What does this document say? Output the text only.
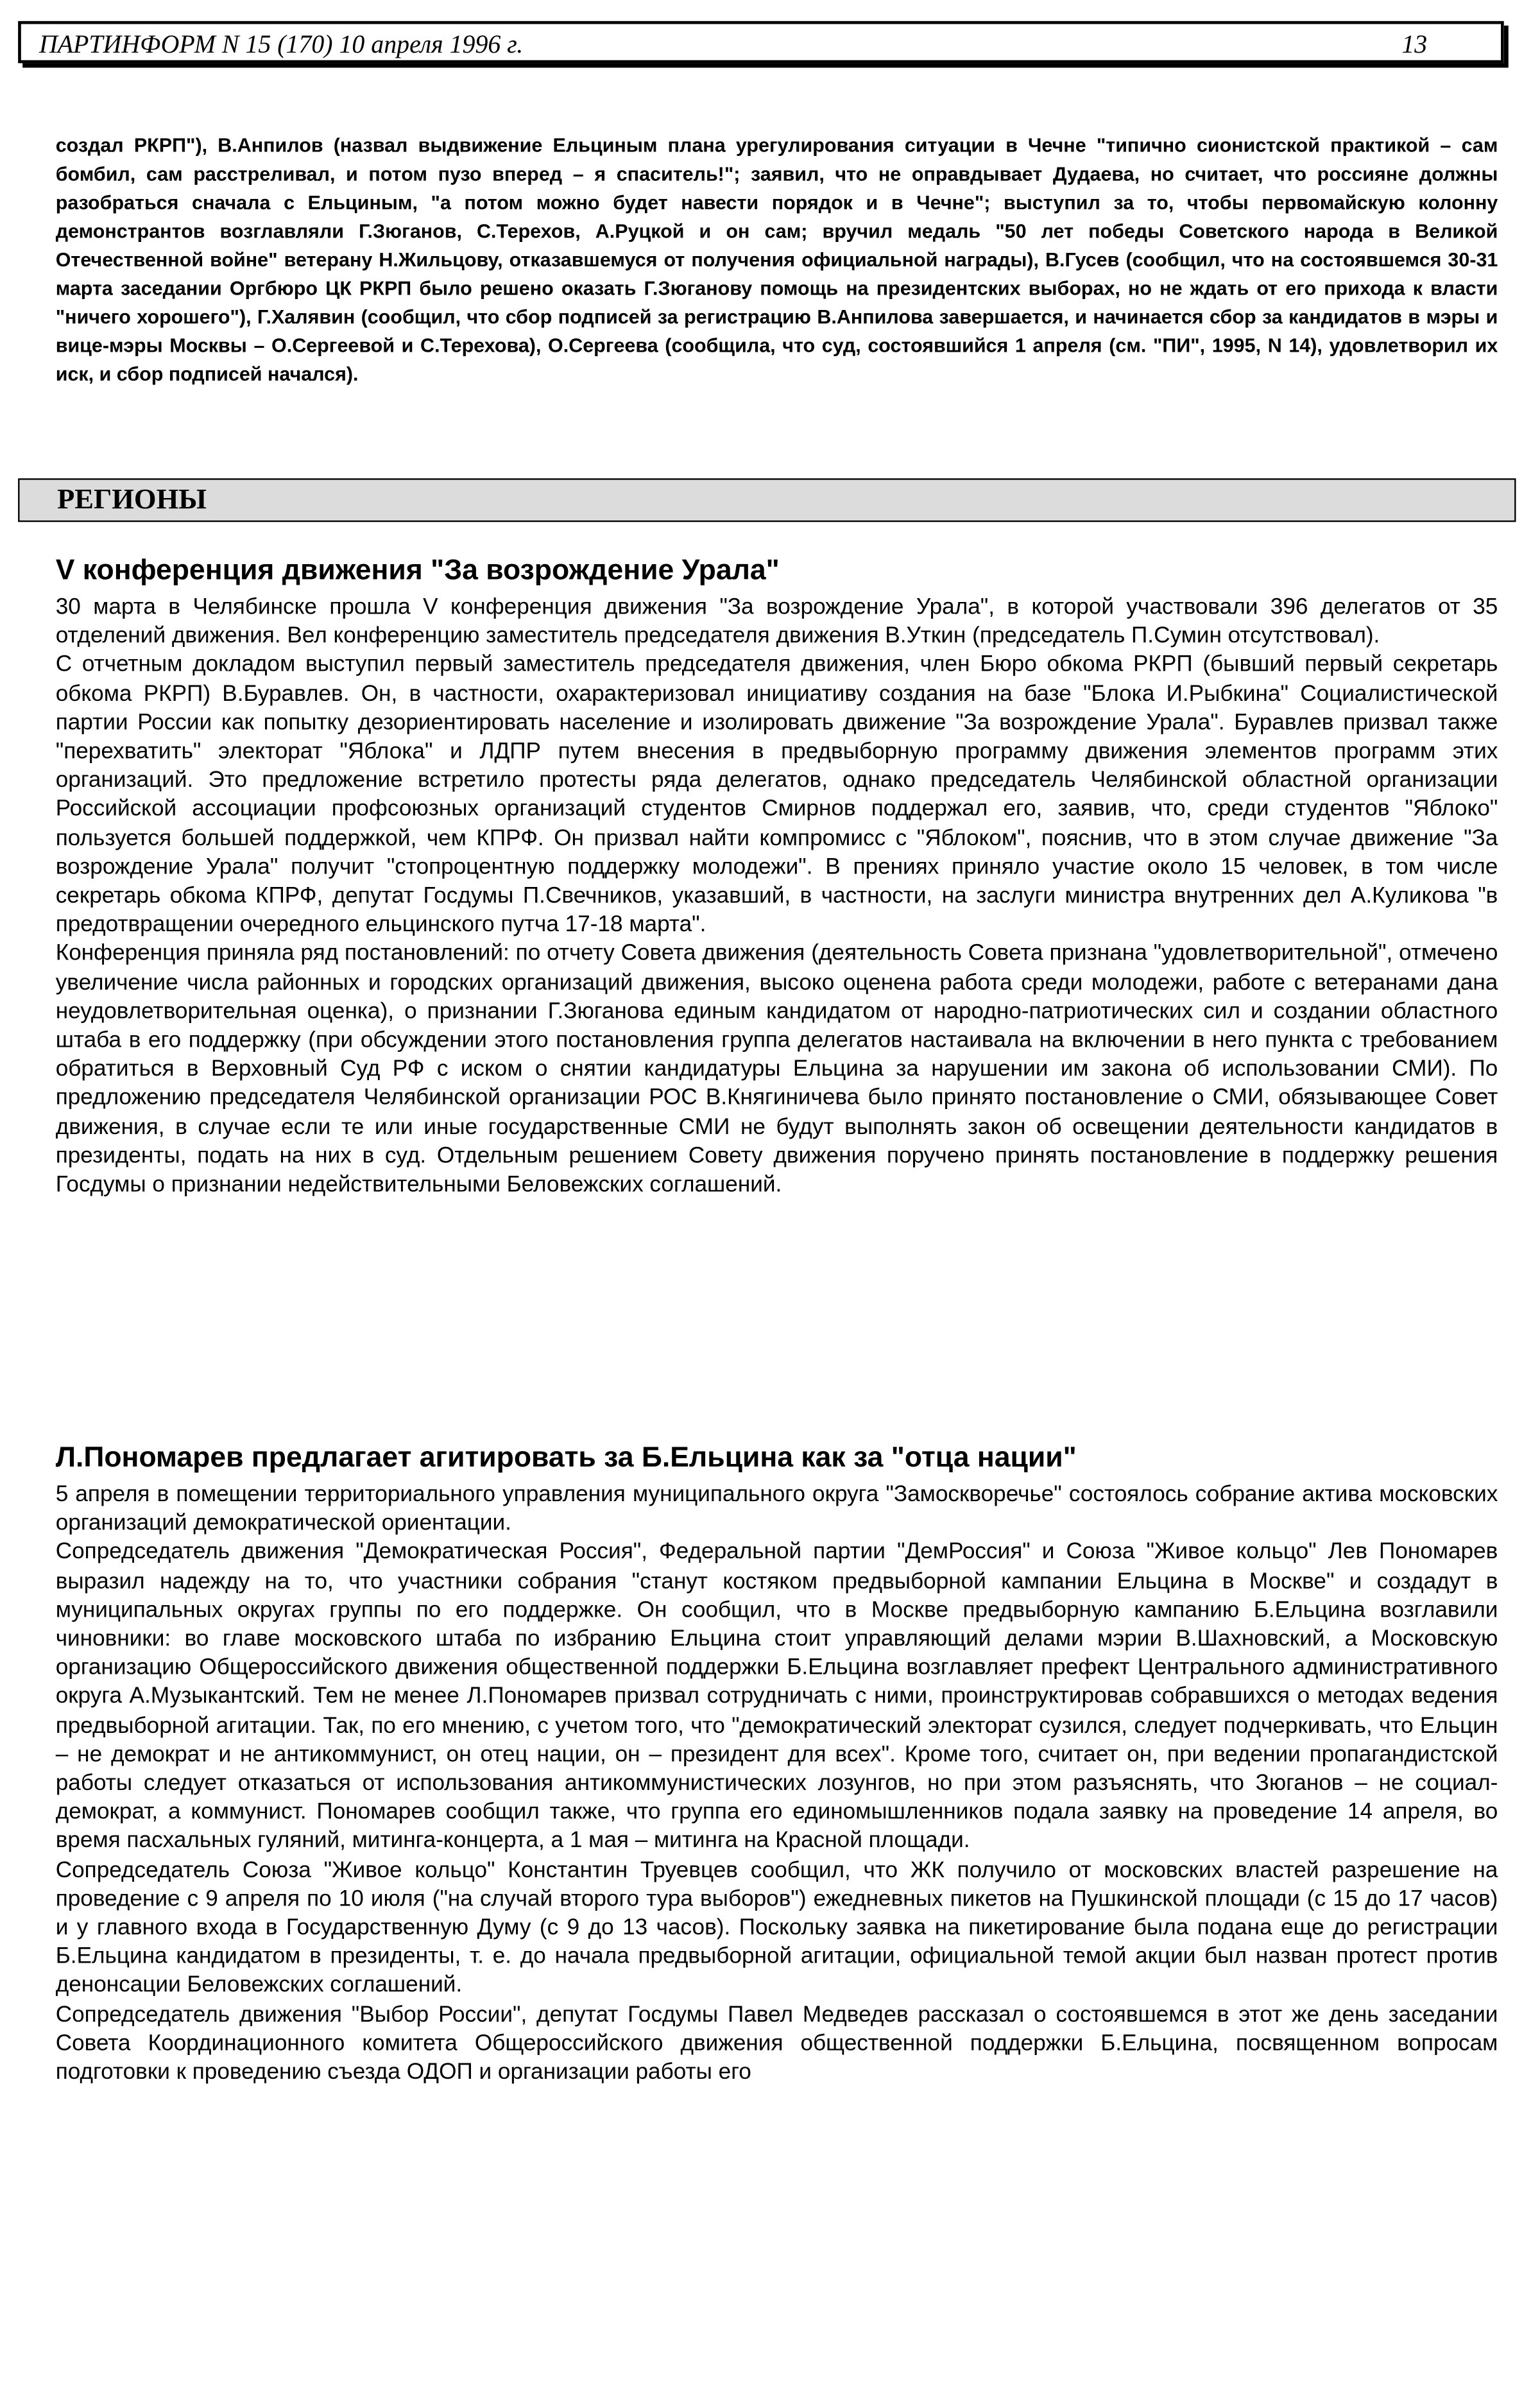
ПАРТИНФОРМ N 15 (170) 10 апреля 1996 г.	13

создал РКРП"), В.Анпилов (назвал выдвижение Ельциным плана урегулирования ситуации в Чечне "типично сионистской практикой – сам бомбил, сам расстреливал, и потом пузо вперед – я спаситель!"; заявил, что не оправдывает Дудаева, но считает, что россияне должны разобраться сначала с Ельциным, "а потом можно будет навести порядок и в Чечне"; выступил за то, чтобы первомайскую колонну демонстрантов возглавляли Г.Зюганов, С.Терехов, А.Руцкой и он сам; вручил медаль "50 лет победы Советского народа в Великой Отечественной войне" ветерану Н.Жильцову, отказавшемуся от получения официальной награды), В.Гусев (сообщил, что на состоявшемся 30-31 марта заседании Оргбюро ЦК РКРП было решено оказать Г.Зюганову помощь на президентских выборах, но не ждать от его прихода к власти "ничего хорошего"), Г.Халявин (сообщил, что сбор подписей за регистрацию В.Анпилова завершается, и начинается сбор за кандидатов в мэры и вице-мэры Москвы – О.Сергеевой и С.Терехова), О.Сергеева (сообщила, что суд, состоявшийся 1 апреля (см. "ПИ", 1995, N 14), удовлетворил их иск, и сбор подписей начался).

РЕГИОНЫ
V конференция движения "За возрождение Урала"

30 марта в Челябинске прошла V конференция движения "За возрождение Урала", в которой участвовали 396 делегатов от 35 отделений движения. Вел конференцию заместитель председателя движения В.Уткин (председатель П.Сумин отсутствовал).

С отчетным докладом выступил первый заместитель председателя движения, член Бюро обкома РКРП (бывший первый секретарь обкома РКРП) В.Буравлев. Он, в частности, охарактеризовал инициативу создания на базе "Блока И.Рыбкина" Социалистической партии России как попытку дезориентировать население и изолировать движение "За возрождение Урала". Буравлев призвал также "перехватить" электорат "Яблока" и ЛДПР путем внесения в предвыборную программу движения элементов программ этих организаций. Это предложение встретило протесты ряда делегатов, однако председатель Челябинской областной организации Российской ассоциации профсоюзных организаций студентов Смирнов поддержал его, заявив, что, среди студентов "Яблоко" пользуется большей поддержкой, чем КПРФ. Он призвал найти компромисс с "Яблоком", пояснив, что в этом случае движение "За возрождение Урала" получит "стопроцентную поддержку молодежи". В прениях приняло участие около 15 человек, в том числе секретарь обкома КПРФ, депутат Госдумы П.Свечников, указавший, в частности, на заслуги министра внутренних дел А.Куликова "в предотвращении очередного ельцинского путча 17-18 марта".

Конференция приняла ряд постановлений: по отчету Совета движения (деятельность Совета признана "удовлетворительной", отмечено увеличение числа районных и городских организаций движения, высоко оценена работа среди молодежи, работе с ветеранами дана неудовлетворительная оценка), о признании Г.Зюганова единым кандидатом от народно-патриотических сил и создании областного штаба в его поддержку (при обсуждении этого постановления группа делегатов настаивала на включении в него пункта с требованием обратиться в Верховный Суд РФ с иском о снятии кандидатуры Ельцина за нарушении им закона об использовании СМИ). По предложению председателя Челябинской организации РОС В.Княгиничева было принято постановление о СМИ, обязывающее Совет движения, в случае если те или иные государственные СМИ не будут выполнять закон об освещении деятельности кандидатов в президенты, подать на них в суд. Отдельным решением Совету движения поручено принять постановление в поддержку решения Госдумы о признании недействительными Беловежских соглашений.

Л.Пономарев предлагает агитировать за Б.Ельцина как за "отца нации"

5 апреля в помещении территориального управления муниципального округа "Замоскворечье" состоялось собрание актива московских организаций демократической ориентации.

Сопредседатель движения "Демократическая Россия", Федеральной партии "ДемРоссия" и Союза "Живое кольцо" Лев Пономарев выразил надежду на то, что участники собрания "станут костяком предвыборной кампании Ельцина в Москве" и создадут в муниципальных округах группы по его поддержке. Он сообщил, что в Москве предвыборную кампанию Б.Ельцина возглавили чиновники: во главе московского штаба по избранию Ельцина стоит управляющий делами мэрии В.Шахновский, а Московскую организацию Общероссийского движения общественной поддержки Б.Ельцина возглавляет префект Центрального административного округа А.Музыкантский. Тем не менее Л.Пономарев призвал сотрудничать с ними, проинструктировав собравшихся о методах ведения предвыборной агитации. Так, по его мнению, с учетом того, что "демократический электорат сузился, следует подчеркивать, что Ельцин – не демократ и не антикоммунист, он отец нации, он – президент для всех". Кроме того, считает он, при ведении пропагандистской работы следует отказаться от использования антикоммунистических лозунгов, но при этом разъяснять, что Зюганов – не социал-демократ, а коммунист. Пономарев сообщил также, что группа его единомышленников подала заявку на проведение 14 апреля, во время пасхальных гуляний, митинга-концерта, а 1 мая – митинга на Красной площади.

Сопредседатель Союза "Живое кольцо" Константин Труевцев сообщил, что ЖК получило от московских властей разрешение на проведение с 9 апреля по 10 июля ("на случай второго тура выборов") ежедневных пикетов на Пушкинской площади (с 15 до 17 часов) и у главного входа в Государственную Думу (с 9 до 13 часов). Поскольку заявка на пикетирование была подана еще до регистрации Б.Ельцина кандидатом в президенты, т. е. до начала предвыборной агитации, официальной темой акции был назван протест против денонсации Беловежских соглашений.

Сопредседатель движения "Выбор России", депутат Госдумы Павел Медведев рассказал о состоявшемся в этот же день заседании Совета Координационного комитета Общероссийского движения общественной поддержки Б.Ельцина, посвященном вопросам подготовки к проведению съезда ОДОП и организации работы его
